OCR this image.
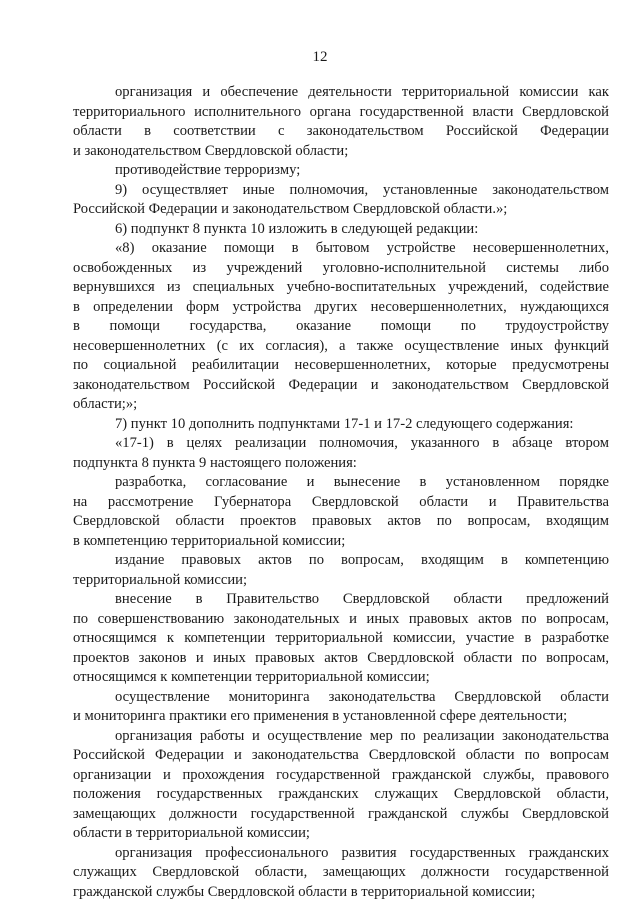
12
организация и обеспечение деятельности территориальной комиссии как
территориального исполнительного органа государственной власти Свердловской
области в соответствии с законодательством Российской Федерации
и законодательством Свердловской области;
противодействие терроризму;
9) осуществляет иные полномочия, установленные законодательством
Российской Федерации и законодательством Свердловской области.»;
6) подпункт 8 пункта 10 изложить в следующей редакции:
«8) оказание помощи в бытовом устройстве несовершеннолетних,
освобожденных из учреждений уголовно-исполнительной системы либо
вернувшихся из специальных учебно-воспитательных учреждений, содействие
в определении форм устройства других несовершеннолетних, нуждающихся
в помощи государства, оказание помощи по трудоустройству
несовершеннолетних (с их согласия), а также осуществление иных функций
по социальной реабилитации несовершеннолетних, которые предусмотрены
законодательством Российской Федерации и законодательством Свердловской
области;»;
7) пункт 10 дополнить подпунктами 17-1 и 17-2 следующего содержания:
«17-1) в целях реализации полномочия, указанного в абзаце втором
подпункта 8 пункта 9 настоящего положения:
разработка, согласование и вынесение в установленном порядке
на рассмотрение Губернатора Свердловской области и Правительства
Свердловской области проектов правовых актов по вопросам, входящим
в компетенцию территориальной комиссии;
издание правовых актов по вопросам, входящим в компетенцию
территориальной комиссии;
внесение в Правительство Свердловской области предложений
по совершенствованию законодательных и иных правовых актов по вопросам,
относящимся к компетенции территориальной комиссии, участие в разработке
проектов законов и иных правовых актов Свердловской области по вопросам,
относящимся к компетенции территориальной комиссии;
осуществление мониторинга законодательства Свердловской области
и мониторинга практики его применения в установленной сфере деятельности;
организация работы и осуществление мер по реализации законодательства
Российской Федерации и законодательства Свердловской области по вопросам
организации и прохождения государственной гражданской службы, правового
положения государственных гражданских служащих Свердловской области,
замещающих должности государственной гражданской службы Свердловской
области в территориальной комиссии;
организация профессионального развития государственных гражданских
служащих Свердловской области, замещающих должности государственной
гражданской службы Свердловской области в территориальной комиссии;
